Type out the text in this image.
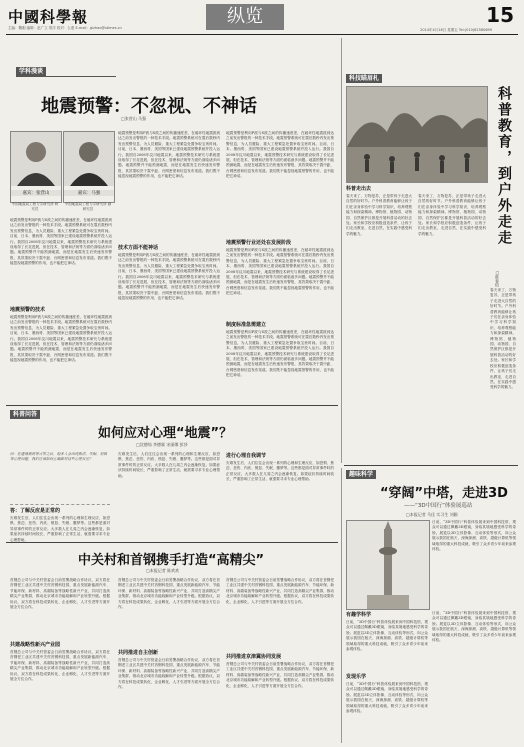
中國科學報
主编：魏刚 编辑：赵广立 郑洋 校对：么惠 E-mail：glzhao@stimes.cn
纵览	15
2014年4月18日 星期五 Tel:(010)62580699
学科漫谈
地震预警：不忽视、不神话
□张营山 马强
嘉宾：张营山	嘉宾：马强
中国地震局工程力学研究所 研究员
中国地震局工程力学研究所 副研究员
地震预警是利用P波与S波之间的传播速度差，在破坏性地震波到达之前发出警报的一种技术手段。地震预警系统可在震后数秒内发出预警信息，为人员避险、重大工程紧急处置争取宝贵时间。目前，日本、墨西哥、美国等国家已建设地震预警系统并投入运行。我国自2008年汶川地震以来，地震预警技术研究与系统建设取得了长足进展，但在技术、管理和法规等方面仍面临诸多问题。地震预警并不能预测地震，而是在地震发生后快速发布警报，其效果取决于震中距、台网密度和信息发布渠道。我们既不能忽视地震预警的作用，也不能把它神话。
地震预警的技术
地震预警是利用P波与S波之间的传播速度差，在破坏性地震波到达之前发出警报的一种技术手段。地震预警系统可在震后数秒内发出预警信息，为人员避险、重大工程紧急处置争取宝贵时间。目前，日本、墨西哥、美国等国家已建设地震预警系统并投入运行。我国自2008年汶川地震以来，地震预警技术研究与系统建设取得了长足进展，但在技术、管理和法规等方面仍面临诸多问题。地震预警并不能预测地震，而是在地震发生后快速发布警报，其效果取决于震中距、台网密度和信息发布渠道。我们既不能忽视地震预警的作用，也不能把它神话。
地震预警是利用P波与S波之间的传播速度差，在破坏性地震波到达之前发出警报的一种技术手段。地震预警系统可在震后数秒内发出预警信息，为人员避险、重大工程紧急处置争取宝贵时间。目前，日本、墨西哥、美国等国家已建设地震预警系统并投入运行。我国自2008年汶川地震以来，地震预警技术研究与系统建设取得了长足进展，但在技术、管理和法规等方面仍面临诸多问题。地震预警并不能预测地震，而是在地震发生后快速发布警报，其效果取决于震中距、台网密度和信息发布渠道。我们既不能忽视地震预警的作用，也不能把它神话。
技术方面不能神话
地震预警是利用P波与S波之间的传播速度差，在破坏性地震波到达之前发出警报的一种技术手段。地震预警系统可在震后数秒内发出预警信息，为人员避险、重大工程紧急处置争取宝贵时间。目前，日本、墨西哥、美国等国家已建设地震预警系统并投入运行。我国自2008年汶川地震以来，地震预警技术研究与系统建设取得了长足进展，但在技术、管理和法规等方面仍面临诸多问题。地震预警并不能预测地震，而是在地震发生后快速发布警报，其效果取决于震中距、台网密度和信息发布渠道。我们既不能忽视地震预警的作用，也不能把它神话。
地震预警是利用P波与S波之间的传播速度差，在破坏性地震波到达之前发出警报的一种技术手段。地震预警系统可在震后数秒内发出预警信息，为人员避险、重大工程紧急处置争取宝贵时间。目前，日本、墨西哥、美国等国家已建设地震预警系统并投入运行。我国自2008年汶川地震以来，地震预警技术研究与系统建设取得了长足进展，但在技术、管理和法规等方面仍面临诸多问题。地震预警并不能预测地震，而是在地震发生后快速发布警报，其效果取决于震中距、台网密度和信息发布渠道。我们既不能忽视地震预警的作用，也不能把它神话。
地震预警行业还处在发展阶段
地震预警是利用P波与S波之间的传播速度差，在破坏性地震波到达之前发出警报的一种技术手段。地震预警系统可在震后数秒内发出预警信息，为人员避险、重大工程紧急处置争取宝贵时间。目前，日本、墨西哥、美国等国家已建设地震预警系统并投入运行。我国自2008年汶川地震以来，地震预警技术研究与系统建设取得了长足进展，但在技术、管理和法规等方面仍面临诸多问题。地震预警并不能预测地震，而是在地震发生后快速发布警报，其效果取决于震中距、台网密度和信息发布渠道。我们既不能忽视地震预警的作用，也不能把它神话。
制度标准急需建立
地震预警是利用P波与S波之间的传播速度差，在破坏性地震波到达之前发出警报的一种技术手段。地震预警系统可在震后数秒内发出预警信息，为人员避险、重大工程紧急处置争取宝贵时间。目前，日本、墨西哥、美国等国家已建设地震预警系统并投入运行。我国自2008年汶川地震以来，地震预警技术研究与系统建设取得了长足进展，但在技术、管理和法规等方面仍面临诸多问题。地震预警并不能预测地震，而是在地震发生后快速发布警报，其效果取决于震中距、台网密度和信息发布渠道。我们既不能忽视地震预警的作用，也不能把它神话。
科普问答
如何应对心理“地震”？
□沈德灿 李德霖 宋丽娜 彭莎
问：在遭遇地震等灾害之后，很多人会出现焦虑、失眠、恐惧等心理问题，我们应该如何正确面对这些心理反应？
答：了解反应是正常的
灾难发生后，人们往往会出现一系列的心理和生理反应，如恐惧、焦虑、悲伤、内疚、愤怒、失眠、噩梦等。这些都是面对异常事件时的正常反应。大多数人在几周之内会逐渐恢复。如果症状持续时间较长，严重影响了正常生活，就需要寻求专业心理帮助。
灾难发生后，人们往往会出现一系列的心理和生理反应，如恐惧、焦虑、悲伤、内疚、愤怒、失眠、噩梦等。这些都是面对异常事件时的正常反应。大多数人在几周之内会逐渐恢复。如果症状持续时间较长，严重影响了正常生活，就需要寻求专业心理帮助。
进行心理自我调节
灾难发生后，人们往往会出现一系列的心理和生理反应，如恐惧、焦虑、悲伤、内疚、愤怒、失眠、噩梦等。这些都是面对异常事件时的正常反应。大多数人在几周之内会逐渐恢复。如果症状持续时间较长，严重影响了正常生活，就需要寻求专业心理帮助。
中关村和首钢携手打造“高精尖”
□本报记者 陈欢欢
首钢总公司与中关村管委会日前签署战略合作协议，双方将在首钢老工业区共建中关村首钢科技园，重点发展新能源汽车、节能环保、新材料、高端装备等战略性新兴产业，共同打造高精尖产业集群，推动北京城市功能疏解和产业转型升级。根据协议，双方将在科技成果转化、企业孵化、人才引进等方面开展全方位合作。
共建战略性新兴产业园
首钢总公司与中关村管委会日前签署战略合作协议，双方将在首钢老工业区共建中关村首钢科技园，重点发展新能源汽车、节能环保、新材料、高端装备等战略性新兴产业，共同打造高精尖产业集群，推动北京城市功能疏解和产业转型升级。根据协议，双方将在科技成果转化、企业孵化、人才引进等方面开展全方位合作。
首钢总公司与中关村管委会日前签署战略合作协议，双方将在首钢老工业区共建中关村首钢科技园，重点发展新能源汽车、节能环保、新材料、高端装备等战略性新兴产业，共同打造高精尖产业集群，推动北京城市功能疏解和产业转型升级。根据协议，双方将在科技成果转化、企业孵化、人才引进等方面开展全方位合作。
共同推进自主创新
首钢总公司与中关村管委会日前签署战略合作协议，双方将在首钢老工业区共建中关村首钢科技园，重点发展新能源汽车、节能环保、新材料、高端装备等战略性新兴产业，共同打造高精尖产业集群，推动北京城市功能疏解和产业转型升级。根据协议，双方将在科技成果转化、企业孵化、人才引进等方面开展全方位合作。
首钢总公司与中关村管委会日前签署战略合作协议，双方将在首钢老工业区共建中关村首钢科技园，重点发展新能源汽车、节能环保、新材料、高端装备等战略性新兴产业，共同打造高精尖产业集群，推动北京城市功能疏解和产业转型升级。根据协议，双方将在科技成果转化、企业孵化、人才引进等方面开展全方位合作。
共同推进京津冀协同发展
首钢总公司与中关村管委会日前签署战略合作协议，双方将在首钢老工业区共建中关村首钢科技园，重点发展新能源汽车、节能环保、新材料、高端装备等战略性新兴产业，共同打造高精尖产业集群，推动北京城市功能疏解和产业转型升级。根据协议，双方将在科技成果转化、企业孵化、人才引进等方面开展全方位合作。
科技瞄眉札
科普教育，到户外走走
□陈春绍
科普走出去
春天来了，万物复苏，正是带孩子走进大自然的好时节。户外科普教育能够让孩子们在亲身体验中学习科学知识，培养观察能力和探索精神。博物馆、植物园、动物园、自然保护区都是开展科普活动的好去处。家长和学校应积极创造条件，让孩子们走出教室，走进自然，在实践中感受科学的魅力。
春天来了，万物复苏，正是带孩子走进大自然的好时节。户外科普教育能够让孩子们在亲身体验中学习科学知识，培养观察能力和探索精神。博物馆、植物园、动物园、自然保护区都是开展科普活动的好去处。家长和学校应积极创造条件，让孩子们走出教室，走进自然，在实践中感受科学的魅力。
春天来了，万物复苏，正是带孩子走进大自然的好时节。户外科普教育能够让孩子们在亲身体验中学习科学知识，培养观察能力和探索精神。博物馆、植物园、动物园、自然保护区都是开展科普活动的好去处。家长和学校应积极创造条件，让孩子们走出教室，走进自然，在实践中感受科学的魅力。
趣味科学
“穿阔”中塔，走进3D
——“3D中国行”体验展巡站
□本报记者 马佳 实习生 刘颖
日前，“3D中国行”科普体验展来到中国科技馆，观众可以通过佩戴3D眼镜，身临其境地感受科学的奇妙。展览以3D立体影像、互动体验等形式，向公众展示我国在航天、深海探测、高铁、超级计算机等领域取得的重大科技成就，吸引了众多青少年前来参观体验。
有趣学科学
日前，“3D中国行”科普体验展来到中国科技馆，观众可以通过佩戴3D眼镜，身临其境地感受科学的奇妙。展览以3D立体影像、互动体验等形式，向公众展示我国在航天、深海探测、高铁、超级计算机等领域取得的重大科技成就，吸引了众多青少年前来参观体验。
发现乐学
日前，“3D中国行”科普体验展来到中国科技馆，观众可以通过佩戴3D眼镜，身临其境地感受科学的奇妙。展览以3D立体影像、互动体验等形式，向公众展示我国在航天、深海探测、高铁、超级计算机等领域取得的重大科技成就，吸引了众多青少年前来参观体验。
日前，“3D中国行”科普体验展来到中国科技馆，观众可以通过佩戴3D眼镜，身临其境地感受科学的奇妙。展览以3D立体影像、互动体验等形式，向公众展示我国在航天、深海探测、高铁、超级计算机等领域取得的重大科技成就，吸引了众多青少年前来参观体验。
